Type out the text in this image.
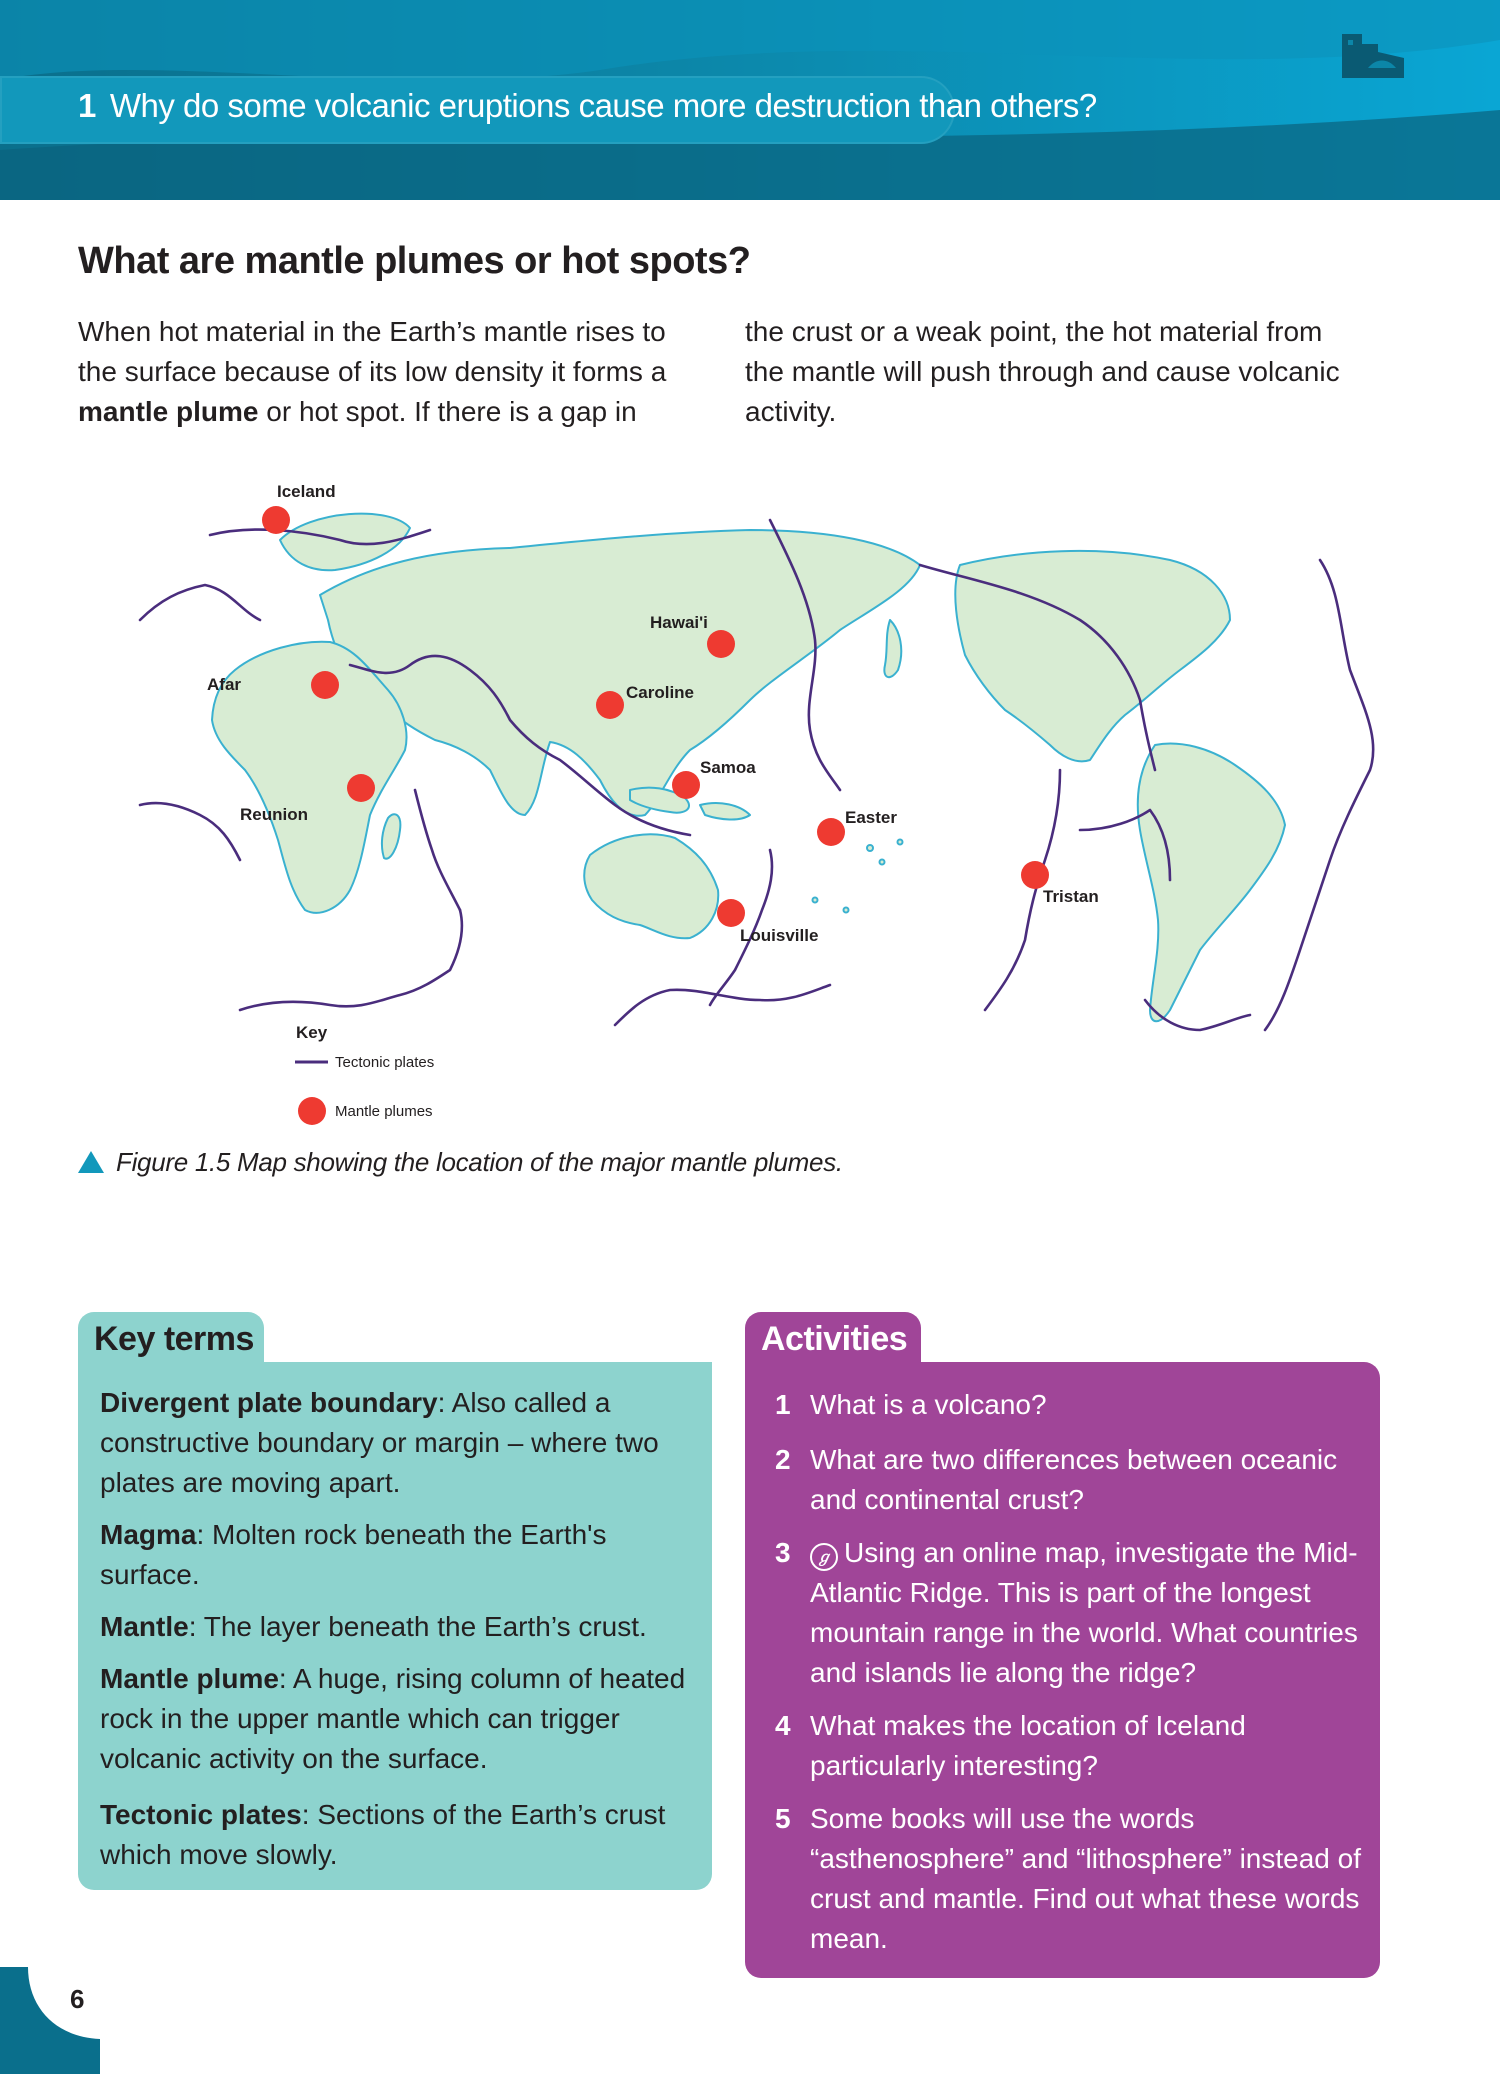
1 Why do some volcanic eruptions cause more destruction than others?
What are mantle plumes or hot spots?
When hot material in the Earth’s mantle rises to the surface because of its low density it forms a mantle plume or hot spot. If there is a gap in
the crust or a weak point, the hot material from the mantle will push through and cause volcanic activity.
Iceland
Afar
Reunion
Hawai'i
Caroline
Samoa
Easter
Louisville
Tristan
Key
Tectonic plates
Mantle plumes
Figure 1.5 Map showing the location of the major mantle plumes.
Key terms
Divergent plate boundary: Also called a constructive boundary or margin – where two plates are moving apart.
Magma: Molten rock beneath the Earth's surface.
Mantle: The layer beneath the Earth’s crust.
Mantle plume: A huge, rising column of heated rock in the upper mantle which can trigger volcanic activity on the surface.
Tectonic plates: Sections of the Earth’s crust which move slowly.
Activities
1 What is a volcano?
2 What are two differences between oceanic and continental crust?
3	ℊ Using an online map, investigate the Mid-Atlantic Ridge. This is part of the longest mountain range in the world. What countries and islands lie along the ridge?
4 What makes the location of Iceland particularly interesting?
5 Some books will use the words “asthenosphere” and “lithosphere” instead of crust and mantle. Find out what these words mean.
6
